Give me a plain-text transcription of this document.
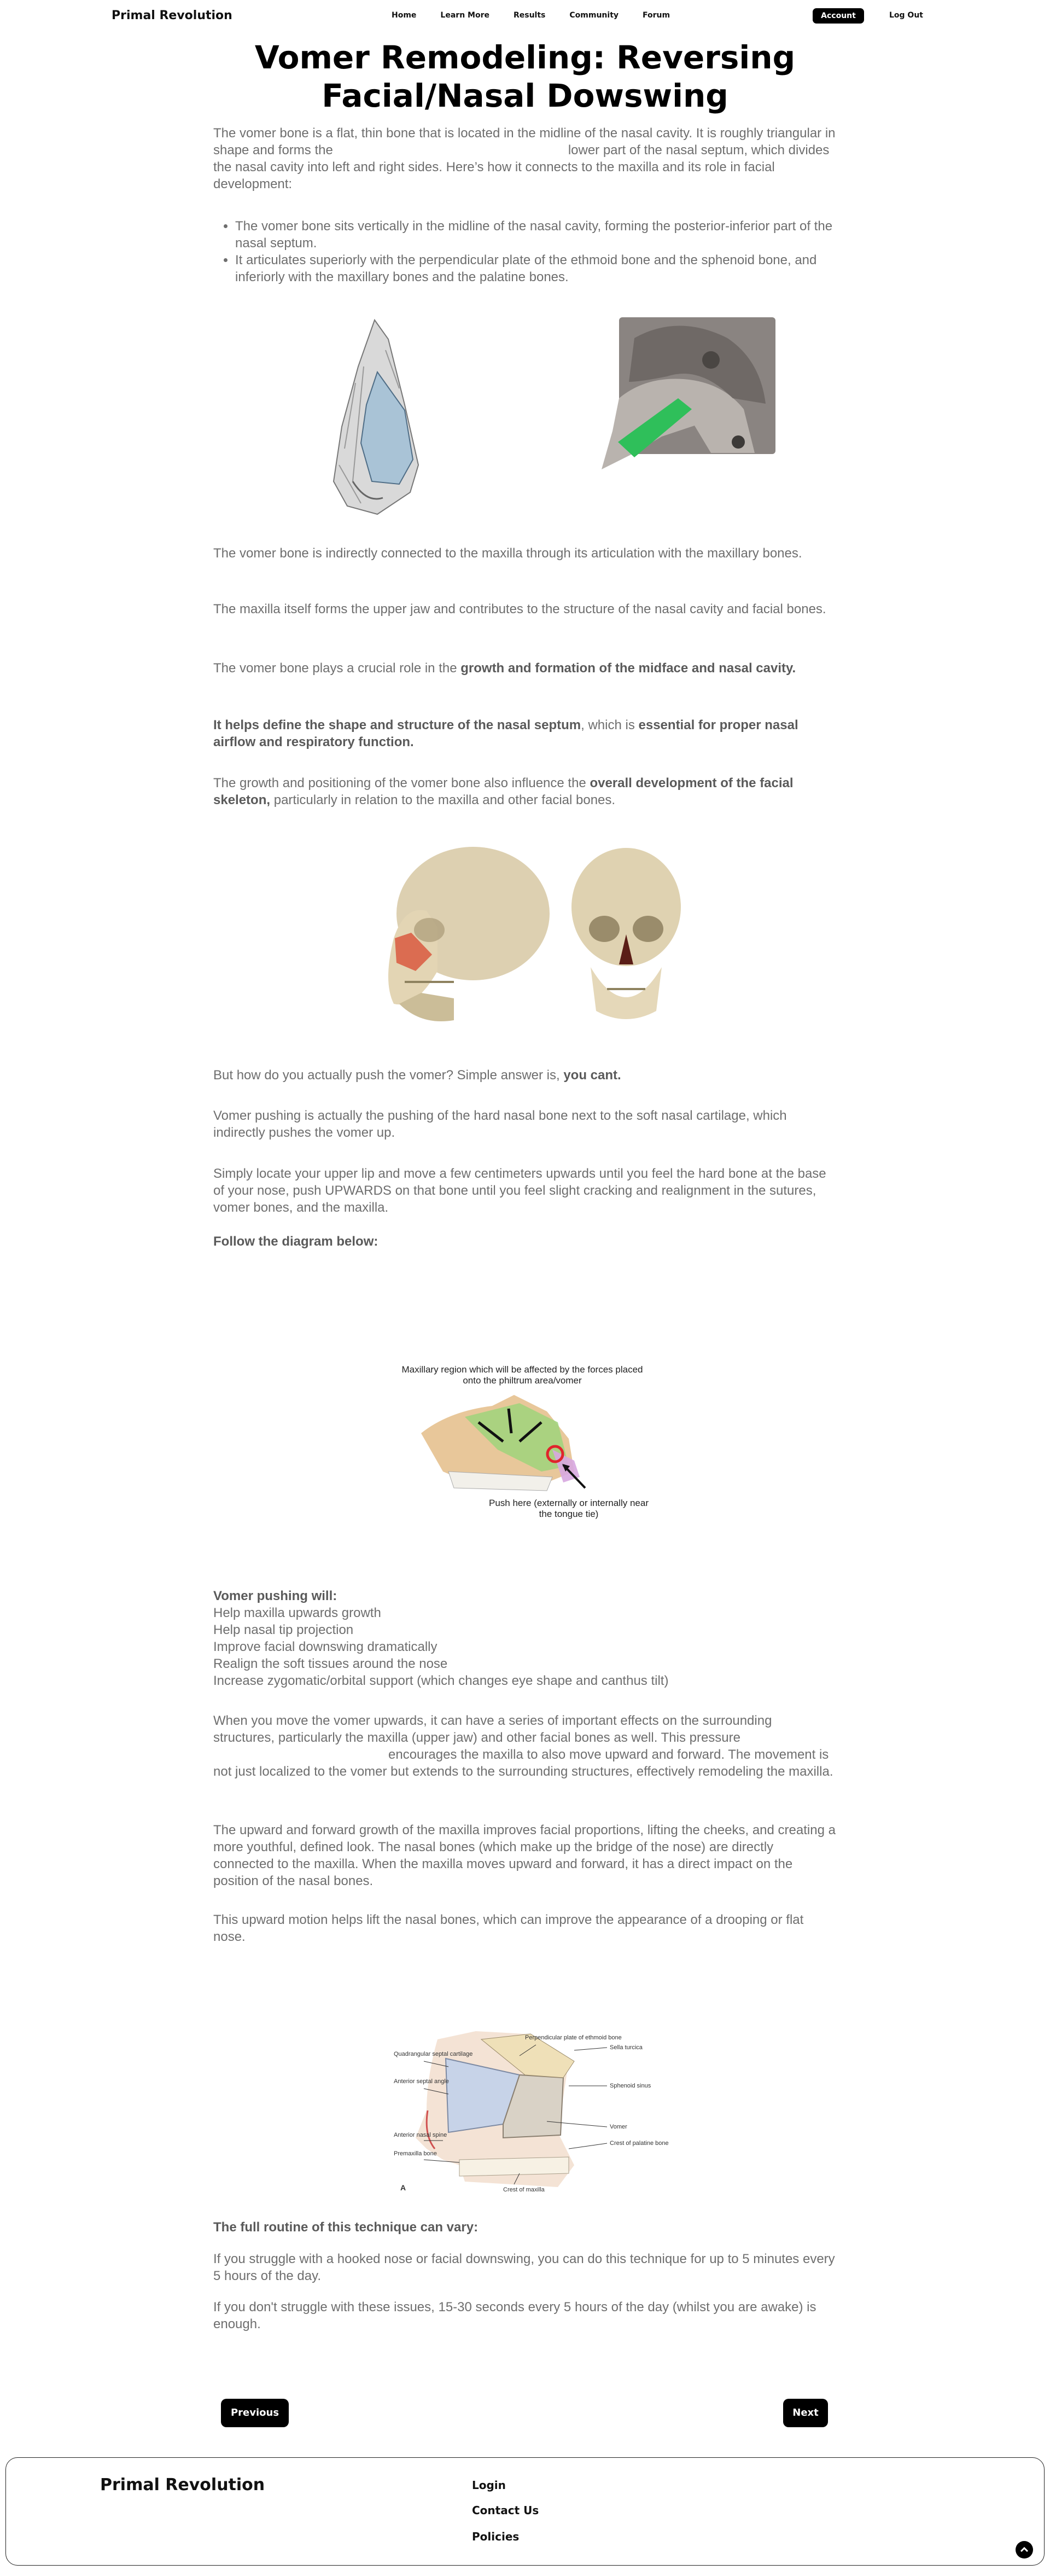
Primal Revolution	Home	Learn More	Results	Community	Forum	Account	Log Out
Vomer Remodeling: Reversing Facial/Nasal Dowswing

The vomer bone is a flat, thin bone that is located in the midline of the nasal cavity. It is roughly triangular in shape and forms the	lower part of the nasal septum, which divides the nasal cavity into left and right sides. Here’s how it connects to the maxilla and its role in facial development:

• The vomer bone sits vertically in the midline of the nasal cavity, forming the posterior-inferior part of the nasal septum.
• It articulates superiorly with the perpendicular plate of the ethmoid bone and the sphenoid bone, and inferiorly with the maxillary bones and the palatine bones.

The vomer bone is indirectly connected to the maxilla through its articulation with the maxillary bones.

The maxilla itself forms the upper jaw and contributes to the structure of the nasal cavity and facial bones.

The vomer bone plays a crucial role in the growth and formation of the midface and nasal cavity.

It helps define the shape and structure of the nasal septum, which is essential for proper nasal airflow and respiratory function.

The growth and positioning of the vomer bone also influence the overall development of the facial skeleton, particularly in relation to the maxilla and other facial bones.

But how do you actually push the vomer? Simple answer is, you cant.

Vomer pushing is actually the pushing of the hard nasal bone next to the soft nasal cartilage, which indirectly pushes the vomer up.

Simply locate your upper lip and move a few centimeters upwards until you feel the hard bone at the base of your nose, push UPWARDS on that bone until you feel slight cracking and realignment in the sutures, vomer bones, and the maxilla.

Follow the diagram below:

Maxillary region which will be affected by the forces placed onto the philtrum area/vomer
Push here (externally or internally near the tongue tie)
Vomer pushing will:
Help maxilla upwards growth
Help nasal tip projection
Improve facial downswing dramatically
Realign the soft tissues around the nose
Increase zygomatic/orbital support (which changes eye shape and canthus tilt)

When you move the vomer upwards, it can have a series of important effects on the surrounding structures, particularly the maxilla (upper jaw) and other facial bones as well. This pressureencourages the maxilla to also move upward and forward. The movement is not just localized to the vomer but extends to the surrounding structures, effectively remodeling the maxilla.

The upward and forward growth of the maxilla improves facial proportions, lifting the cheeks, and creating a more youthful, defined look. The nasal bones (which make up the bridge of the nose) are directly connected to the maxilla. When the maxilla moves upward and forward, it has a direct impact on the position of the nasal bones.

This upward motion helps lift the nasal bones, which can improve the appearance of a drooping or flat nose.

Quadrangular septal cartilage
Anterior septal angle
Anterior nasal spine
Premaxilla bone
Perpendicular plate of ethmoid bone
Sella turcica
Sphenoid sinus
Vomer
Crest of palatine bone
Crest of maxilla
A

The full routine of this technique can vary:

If you struggle with a hooked nose or facial downswing, you can do this technique for up to 5 minutes every 5 hours of the day.

If you don't struggle with these issues, 15-30 seconds every 5 hours of the day (whilst you are awake) is enough.

Previous	Next
Primal Revolution	Login
Contact Us
Policies
